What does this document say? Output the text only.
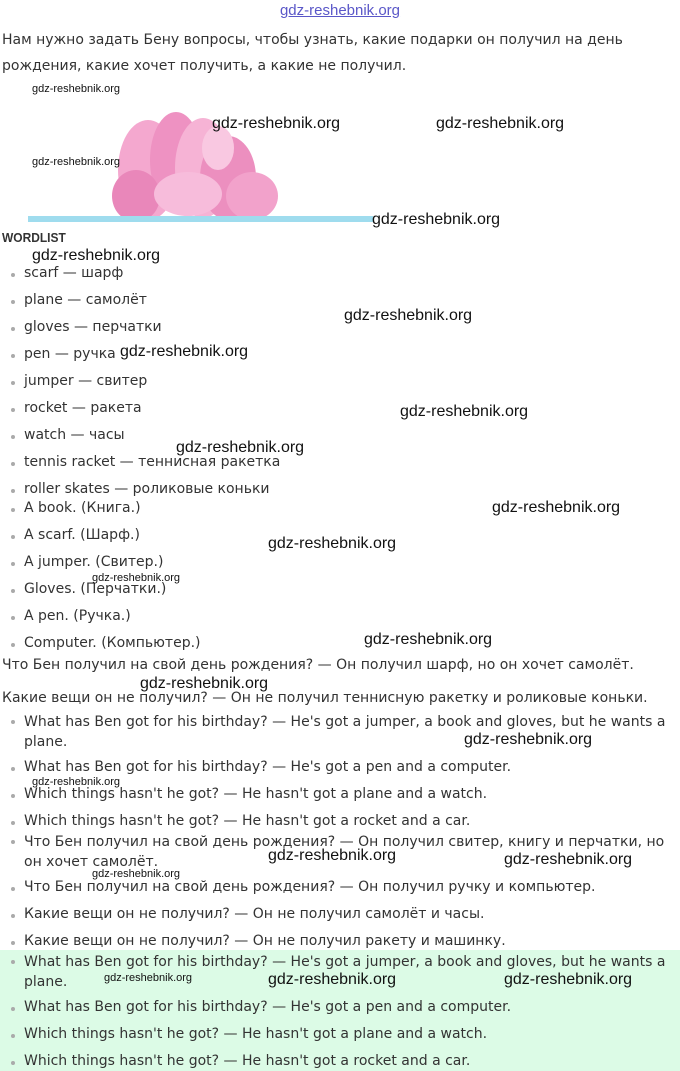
gdz-reshebnik.org
Нам нужно задать Бену вопросы, чтобы узнать, какие подарки он получил на день рождения, какие хочет получить, а какие не получил.
WORDLIST
scarf — шарф
plane — самолёт
gloves — перчатки
pen — ручка
jumper — свитер
rocket — ракета
watch — часы
tennis racket — теннисная ракетка
roller skates — роликовые коньки
A book. (Книга.)
A scarf. (Шарф.)
A jumper. (Свитер.)
Gloves. (Перчатки.)
A pen. (Ручка.)
Computer. (Компьютер.)
Что Бен получил на свой день рождения? — Он получил шарф, но он хочет самолёт.
Какие вещи он не получил? — Он не получил теннисную ракетку и роликовые коньки.
What has Ben got for his birthday? — He's got a jumper, a book and gloves, but he wants a plane.
What has Ben got for his birthday? — He's got a pen and a computer.
Which things hasn't he got? — He hasn't got a plane and a watch.
Which things hasn't he got? — He hasn't got a rocket and a car.
Что Бен получил на свой день рождения? — Он получил свитер, книгу и перчатки, но он хочет самолёт.
Что Бен получил на свой день рождения? — Он получил ручку и компьютер.
Какие вещи он не получил? — Он не получил самолёт и часы.
Какие вещи он не получил? — Он не получил ракету и машинку.
What has Ben got for his birthday? — He's got a jumper, a book and gloves, but he wants a plane.
What has Ben got for his birthday? — He's got a pen and a computer.
Which things hasn't he got? — He hasn't got a plane and a watch.
Which things hasn't he got? — He hasn't got a rocket and a car.
gdz-reshebnik.org
gdz-reshebnik.org	gdz-reshebnik.org
gdz-reshebnik.org
gdz-reshebnik.org
gdz-reshebnik.org
gdz-reshebnik.org
gdz-reshebnik.org
gdz-reshebnik.org
gdz-reshebnik.org
gdz-reshebnik.org
gdz-reshebnik.org
gdz-reshebnik.org
gdz-reshebnik.org
gdz-reshebnik.org
gdz-reshebnik.org
gdz-reshebnik.org
gdz-reshebnik.org	gdz-reshebnik.org
gdz-reshebnik.org
gdz-reshebnik.org	gdz-reshebnik.org
gdz-reshebnik.org
